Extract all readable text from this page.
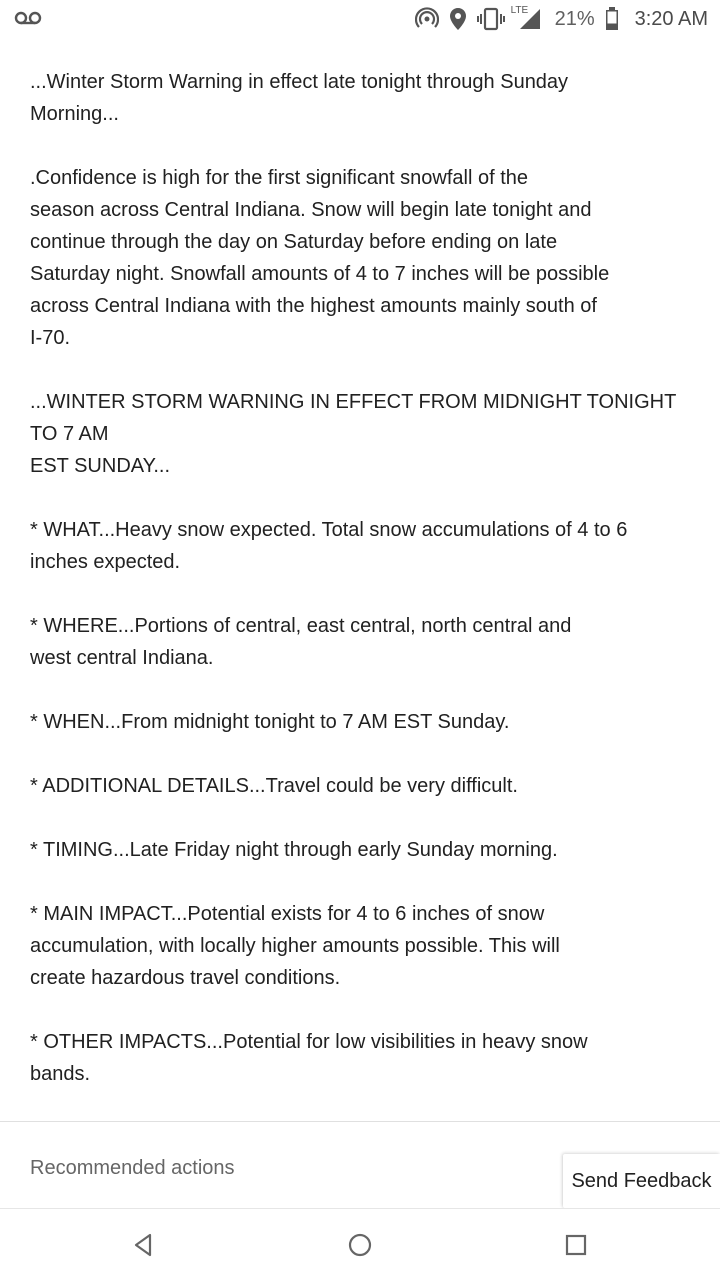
LTE 21% 3:20 AM

...Winter Storm Warning in effect late tonight through Sunday
Morning...

.Confidence is high for the first significant snowfall of the
season across Central Indiana. Snow will begin late tonight and
continue through the day on Saturday before ending on late
Saturday night. Snowfall amounts of 4 to 7 inches will be possible
across Central Indiana with the highest amounts mainly south of
I-70.

...WINTER STORM WARNING IN EFFECT FROM MIDNIGHT TONIGHT
TO 7 AM
EST SUNDAY...

* WHAT...Heavy snow expected. Total snow accumulations of 4 to 6
inches expected.

* WHERE...Portions of central, east central, north central and
west central Indiana.

* WHEN...From midnight tonight to 7 AM EST Sunday.

* ADDITIONAL DETAILS...Travel could be very difficult.

* TIMING...Late Friday night through early Sunday morning.

* MAIN IMPACT...Potential exists for 4 to 6 inches of snow
accumulation, with locally higher amounts possible. This will
create hazardous travel conditions.

* OTHER IMPACTS...Potential for low visibilities in heavy snow
bands.

Recommended actions
Send Feedback
